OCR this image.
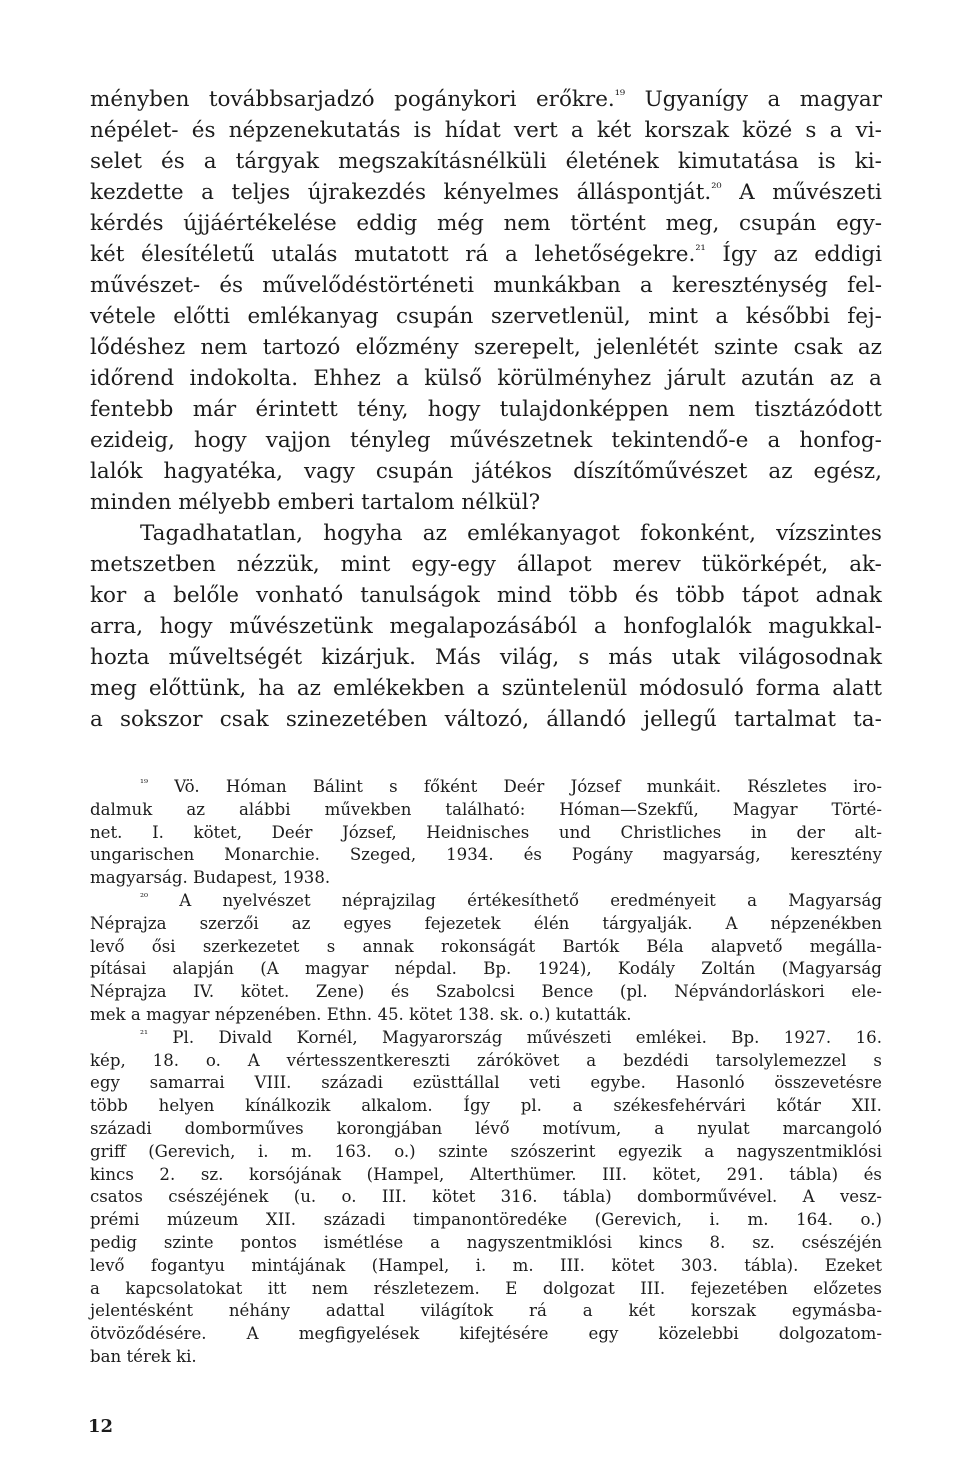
ményben továbbsarjadzó pogánykori erőkre.$^{^{19}}$ Ugyanígy a magyar
népélet- és népzenekutatás is hídat vert a két korszak közé s a vi-
selet és a tárgyak megszakításnélküli életének kimutatása is ki-
kezdette a teljes újrakezdés kényelmes álláspontját.$^{^{20}}$ A művészeti
kérdés újjáértékelése eddig még nem történt meg, csupán egy-
két élesítéletű utalás mutatott rá a lehetőségekre.$^{^{21}}$ Így az eddigi
művészet- és művelődéstörténeti munkákban a kereszténység fel-
vétele előtti emlékanyag csupán szervetlenül, mint a későbbi fej-
lődéshez nem tartozó előzmény szerepelt, jelenlétét szinte csak az
időrend indokolta. Ehhez a külső körülményhez járult azután az a
fentebb már érintett tény, hogy tulajdonképpen nem tisztázódott
ezideig, hogy vajjon tényleg művészetnek tekintendő-e a honfog-
lalók hagyatéka, vagy csupán játékos díszítőművészet az egész,
minden
mélyebb
emberi
tartalom
nélkül?

Tagadhatatlan, hogyha az emlékanyagot fokonként, vízszintes
metszetben nézzük, mint egy-egy állapot merev tükörképét, ak-
kor a belőle vonható tanulságok mind több és több tápot adnak
arra, hogy művészetünk megalapozásából a honfoglalók magukkal-
hozta műveltségét kizárjuk. Más világ, s más utak világosodnak
meg előttünk, ha az emlékekben a szüntelenül módosuló forma alatt
a sokszor csak szinezetében változó, állandó jellegű tartalmat ta-
$^{^{19}}$ Vö. Hóman Bálint s főként Deér József munkáit. Részletes iro-
dalmuk az alábbi művekben található: Hóman—Szekfű, Magyar Törté-
net. I. kötet, Deér József, Heidnisches und Christliches in der alt-
ungarischen Monarchie. Szeged, 1934. és Pogány magyarság, keresztény
magyarság.
Budapest,
1938.

$^{^{20}}$ A nyelvészet néprajzilag értékesíthető eredményeit a Magyarság
Néprajza szerzői az egyes fejezetek élén tárgyalják. A népzenékben
levő ősi szerkezetet s annak rokonságát Bartók Béla alapvető megálla-
pításai alapján (A magyar népdal. Bp. 1924), Kodály Zoltán (Magyarság
Néprajza IV. kötet. Zene) és Szabolcsi Bence (pl. Népvándorláskori ele-
mek
a
magyar
népzenében.
Ethn.
45.
kötet
138.
sk.
o.)
kutatták.

$^{^{21}}$ Pl. Divald Kornél, Magyarország művészeti emlékei. Bp. 1927. 16.
kép, 18. o. A vértesszentkereszti zárókövet a bezdédi tarsolylemezzel s
egy samarrai VIII. századi ezüsttállal veti egybe. Hasonló összevetésre
több helyen kínálkozik alkalom. Így pl. a székesfehérvári kőtár XII.
századi domborműves korongjában lévő motívum, a nyulat marcangoló
griff (Gerevich, i. m. 163. o.) szinte szószerint egyezik a nagyszentmiklósi
kincs 2. sz. korsójának (Hampel, Alterthümer. III. kötet, 291. tábla) és
csatos csészéjének (u. o. III. kötet 316. tábla) domborművével. A vesz-
prémi múzeum XII. századi timpanontöredéke (Gerevich, i. m. 164. o.)
pedig szinte pontos ismétlése a nagyszentmiklósi kincs 8. sz. csészéjén
levő fogantyu mintájának (Hampel, i. m. III. kötet 303. tábla). Ezeket
a kapcsolatokat itt nem részletezem. E dolgozat III. fejezetében előzetes
jelentésként néhány adattal világítok rá a két korszak egymásba-
ötvöződésére. A megfigyelések kifejtésére egy közelebbi dolgozatom-
ban
térek
ki.

12
